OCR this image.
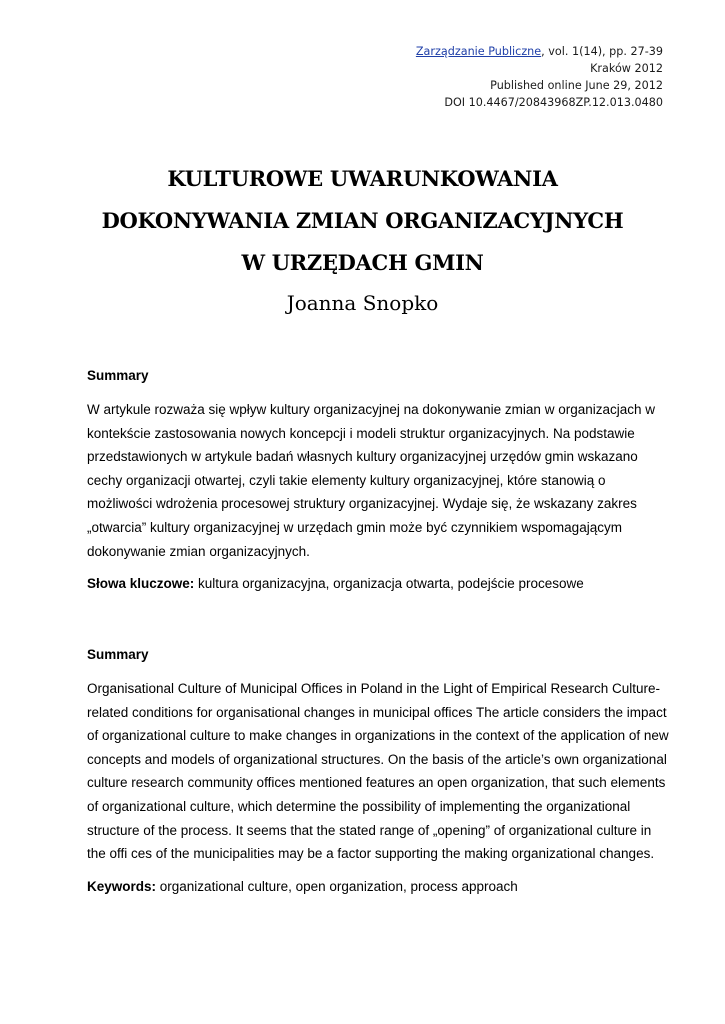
Zarządzanie Publiczne, vol. 1(14), pp. 27-39
Kraków 2012
Published online June 29, 2012
DOI 10.4467/20843968ZP.12.013.0480
KULTUROWE UWARUNKOWANIA
DOKONYWANIA ZMIAN ORGANIZACYJNYCH
W URZĘDACH GMIN
Joanna Snopko
Summary
W artykule rozważa się wpływ kultury organizacyjnej na dokonywanie zmian w organizacjach w
kontekście zastosowania nowych koncepcji i modeli struktur organizacyjnych. Na podstawie
przedstawionych w artykule badań własnych kultury organizacyjnej urzędów gmin wskazano
cechy organizacji otwartej, czyli takie elementy kultury organizacyjnej, które stanowią o
możliwości wdrożenia procesowej struktury organizacyjnej. Wydaje się, że wskazany zakres
„otwarcia” kultury organizacyjnej w urzędach gmin może być czynnikiem wspomagającym
dokonywanie zmian organizacyjnych.
Słowa kluczowe: kultura organizacyjna, organizacja otwarta, podejście procesowe
Summary
Organisational Culture of Municipal Offices in Poland in the Light of Empirical Research Culture-
related conditions for organisational changes in municipal offices The article considers the impact
of organizational culture to make changes in organizations in the context of the application of new
concepts and models of organizational structures. On the basis of the article’s own organizational
culture research community offices mentioned features an open organization, that such elements
of organizational culture, which determine the possibility of implementing the organizational
structure of the process. It seems that the stated range of „opening” of organizational culture in
the offi ces of the municipalities may be a factor supporting the making organizational changes.
Keywords: organizational culture, open organization, process approach
